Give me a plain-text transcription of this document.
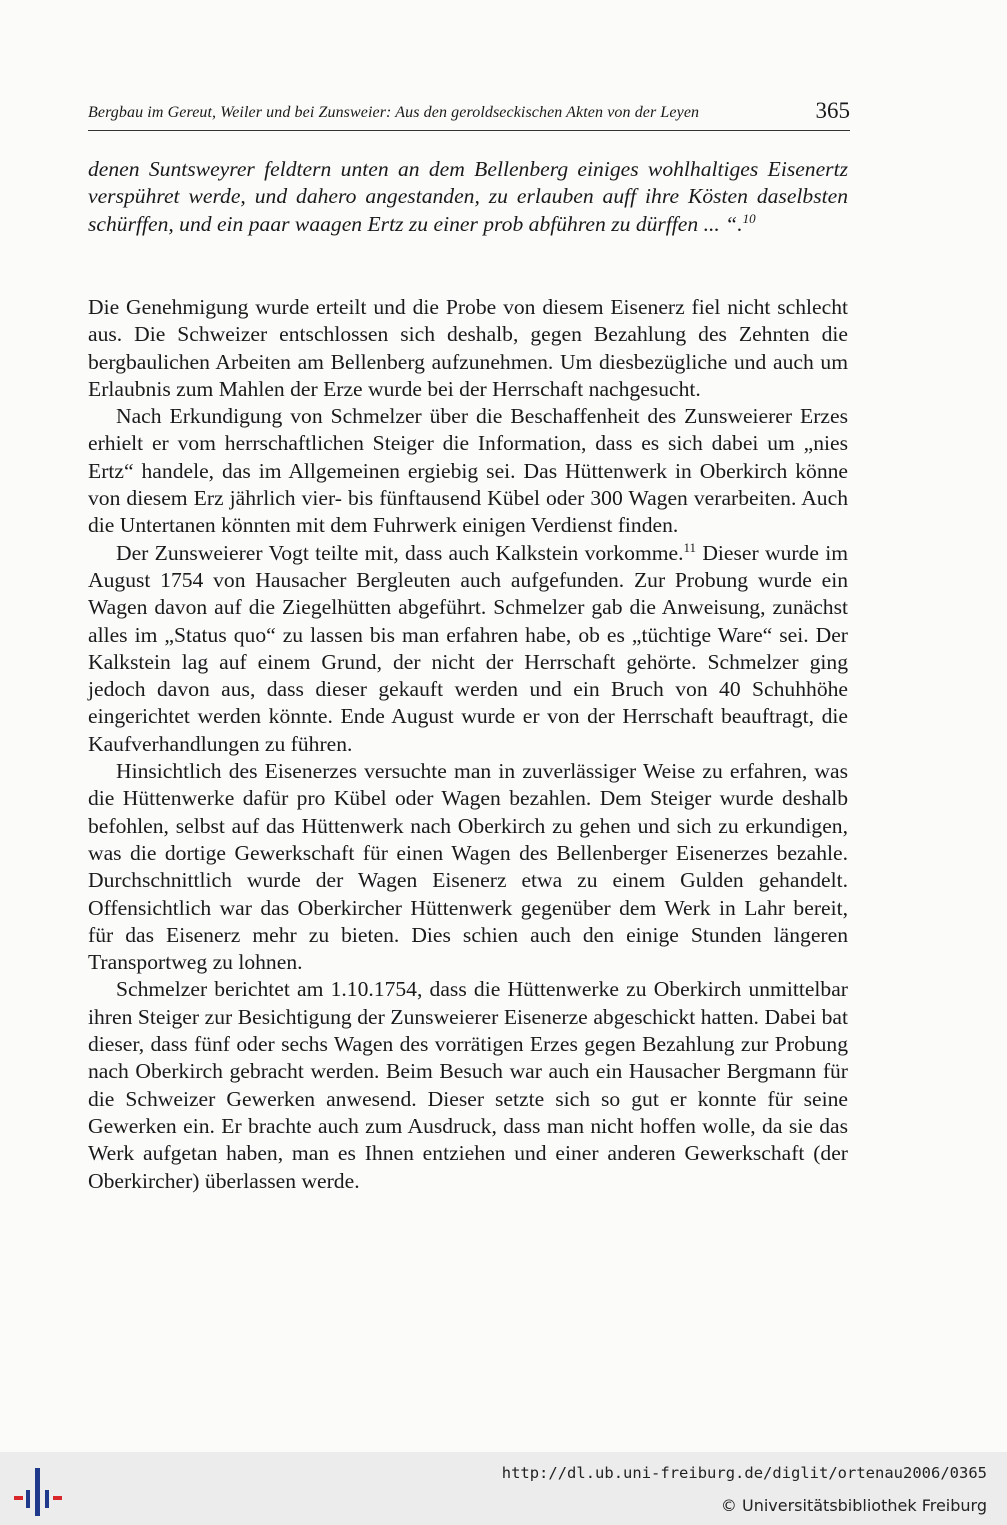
Bergbau im Gereut, Weiler und bei Zunsweier: Aus den geroldseckischen Akten von der Leyen	365

denen Suntsweyrer feldtern unten an dem Bellenberg einiges wohlhaltiges Eisenertz verspühret werde, und dahero angestanden, zu erlauben auff ihre Kösten daselbsten schürffen, und ein paar waagen Ertz zu einer prob abführen zu dürffen ... “.$^{10}$

Die Genehmigung wurde erteilt und die Probe von diesem Eisenerz fiel nicht schlecht aus. Die Schweizer entschlossen sich deshalb, gegen Bezahlung des Zehnten die bergbaulichen Arbeiten am Bellenberg aufzunehmen. Um diesbezügliche und auch um Erlaubnis zum Mahlen der Erze wurde bei der Herrschaft nachgesucht.

Nach Erkundigung von Schmelzer über die Beschaffenheit des Zunsweierer Erzes erhielt er vom herrschaftlichen Steiger die Information, dass es sich dabei um „nies Ertz“ handele, das im Allgemeinen ergiebig sei. Das Hüttenwerk in Oberkirch könne von diesem Erz jährlich vier- bis fünftausend Kübel oder 300 Wagen verarbeiten. Auch die Untertanen könnten mit dem Fuhrwerk einigen Verdienst finden.

Der Zunsweierer Vogt teilte mit, dass auch Kalkstein vorkomme.$^{11}$ Dieser wurde im August 1754 von Hausacher Bergleuten auch aufgefunden. Zur Probung wurde ein Wagen davon auf die Ziegelhütten abgeführt. Schmelzer gab die Anweisung, zunächst alles im „Status quo“ zu lassen bis man erfahren habe, ob es „tüchtige Ware“ sei. Der Kalkstein lag auf einem Grund, der nicht der Herrschaft gehörte. Schmelzer ging jedoch davon aus, dass dieser gekauft werden und ein Bruch von 40 Schuhhöhe eingerichtet werden könnte. Ende August wurde er von der Herrschaft beauftragt, die Kaufverhandlungen zu führen.

Hinsichtlich des Eisenerzes versuchte man in zuverlässiger Weise zu erfahren, was die Hüttenwerke dafür pro Kübel oder Wagen bezahlen. Dem Steiger wurde deshalb befohlen, selbst auf das Hüttenwerk nach Oberkirch zu gehen und sich zu erkundigen, was die dortige Gewerkschaft für einen Wagen des Bellenberger Eisenerzes bezahle. Durchschnittlich wurde der Wagen Eisenerz etwa zu einem Gulden gehandelt. Offensichtlich war das Oberkircher Hüttenwerk gegenüber dem Werk in Lahr bereit, für das Eisenerz mehr zu bieten. Dies schien auch den einige Stunden längeren Transportweg zu lohnen.

Schmelzer berichtet am 1.10.1754, dass die Hüttenwerke zu Oberkirch unmittelbar ihren Steiger zur Besichtigung der Zunsweierer Eisenerze abgeschickt hatten. Dabei bat dieser, dass fünf oder sechs Wagen des vorrätigen Erzes gegen Bezahlung zur Probung nach Oberkirch gebracht werden. Beim Besuch war auch ein Hausacher Bergmann für die Schweizer Gewerken anwesend. Dieser setzte sich so gut er konnte für seine Gewerken ein. Er brachte auch zum Ausdruck, dass man nicht hoffen wolle, da sie das Werk aufgetan haben, man es Ihnen entziehen und einer anderen Gewerkschaft (der Oberkircher) überlassen werde.

http://dl.ub.uni-freiburg.de/diglit/ortenau2006/0365
© Universitätsbibliothek Freiburg
